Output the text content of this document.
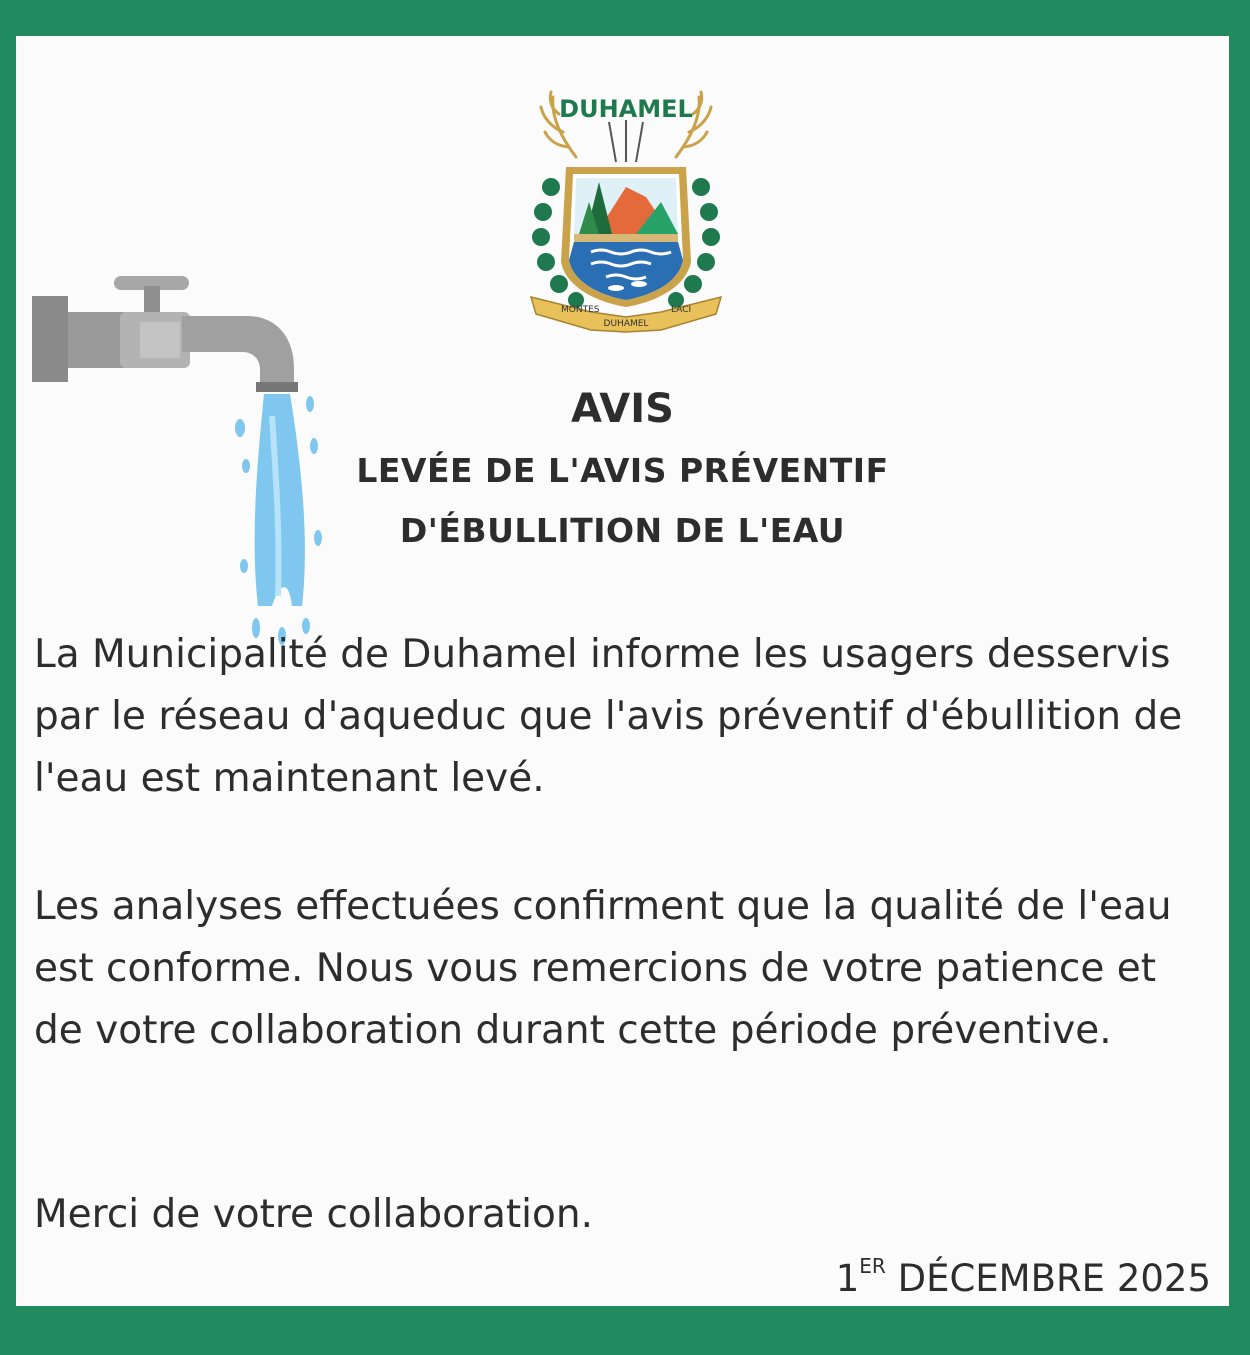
DUHAMEL
MONTES
DUHAMEL
LACI
AVIS
LEVÉE DE L'AVIS PRÉVENTIF
D'ÉBULLITION DE L'EAU
La Municipalité de Duhamel informe les usagers desservis par le réseau d'aqueduc que l'avis préventif d'ébullition de l'eau est maintenant levé.
Les analyses effectuées confirment que la qualité de l'eau est conforme. Nous vous remercions de votre patience et de votre collaboration durant cette période préventive.
Merci de votre collaboration.
1ER DÉCEMBRE 2025
